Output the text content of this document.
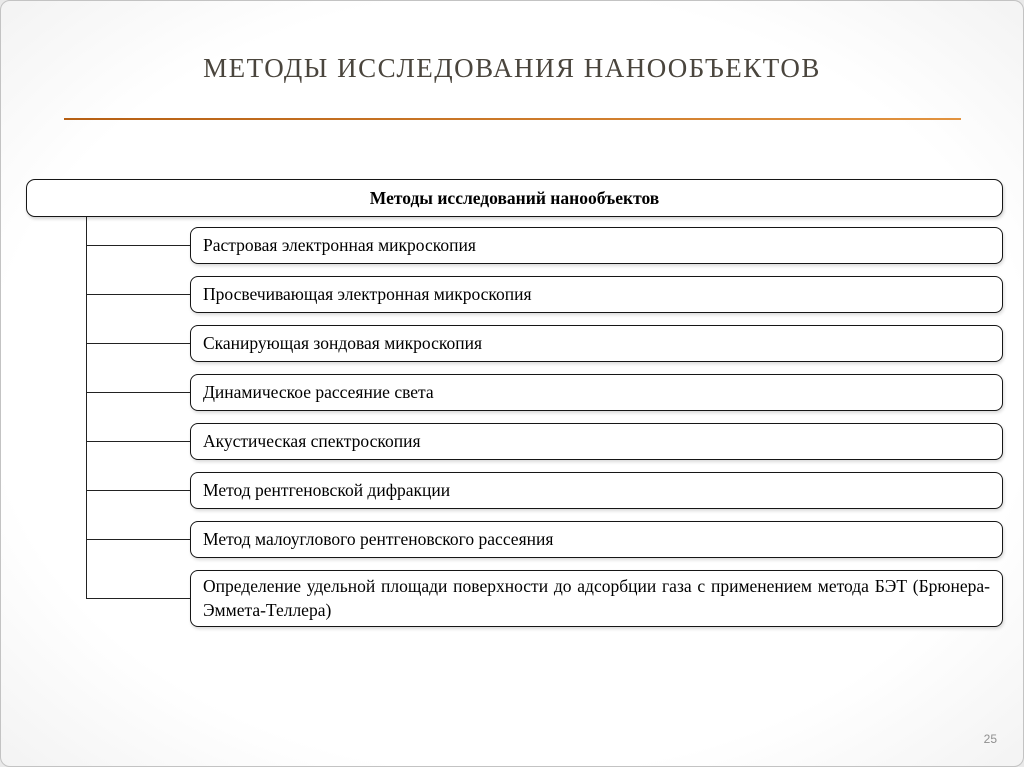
МЕТОДЫ ИССЛЕДОВАНИЯ НАНООБЪЕКТОВ
Методы исследований нанообъектов
Растровая электронная микроскопия
Просвечивающая электронная микроскопия
Сканирующая зондовая микроскопия
Динамическое рассеяние света
Акустическая спектроскопия
Метод рентгеновской дифракции
Метод малоуглового рентгеновского рассеяния
Определение удельной площади поверхности до адсорбции газа с применением метода БЭТ (Брюнера-Эммета-Теллера)
25
